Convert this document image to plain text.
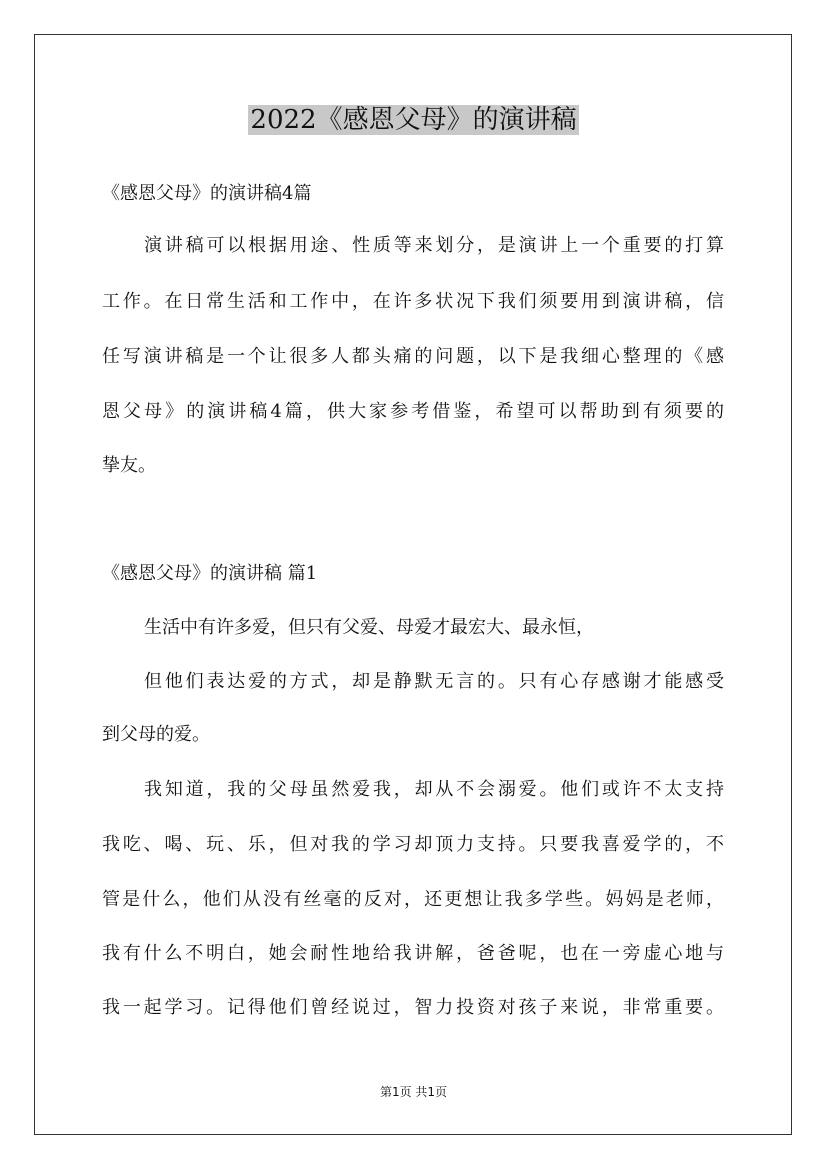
2022《感恩父母》的演讲稿
《感恩父母》的演讲稿4篇
演讲稿可以根据用途、性质等来划分，是演讲上一个重要的打算
工作。在日常生活和工作中，在许多状况下我们须要用到演讲稿，信
任写演讲稿是一个让很多人都头痛的问题，以下是我细心整理的《感
恩父母》的演讲稿4篇，供大家参考借鉴，希望可以帮助到有须要的
挚友。
《感恩父母》的演讲稿 篇1
生活中有许多爱，但只有父爱、母爱才最宏大、最永恒，
但他们表达爱的方式，却是静默无言的。只有心存感谢才能感受
到父母的爱。
我知道，我的父母虽然爱我，却从不会溺爱。他们或许不太支持
我吃、喝、玩、乐，但对我的学习却顶力支持。只要我喜爱学的，不
管是什么，他们从没有丝毫的反对，还更想让我多学些。妈妈是老师，
我有什么不明白，她会耐性地给我讲解，爸爸呢，也在一旁虚心地与
我一起学习。记得他们曾经说过，智力投资对孩子来说，非常重要。
第1页 共1页
